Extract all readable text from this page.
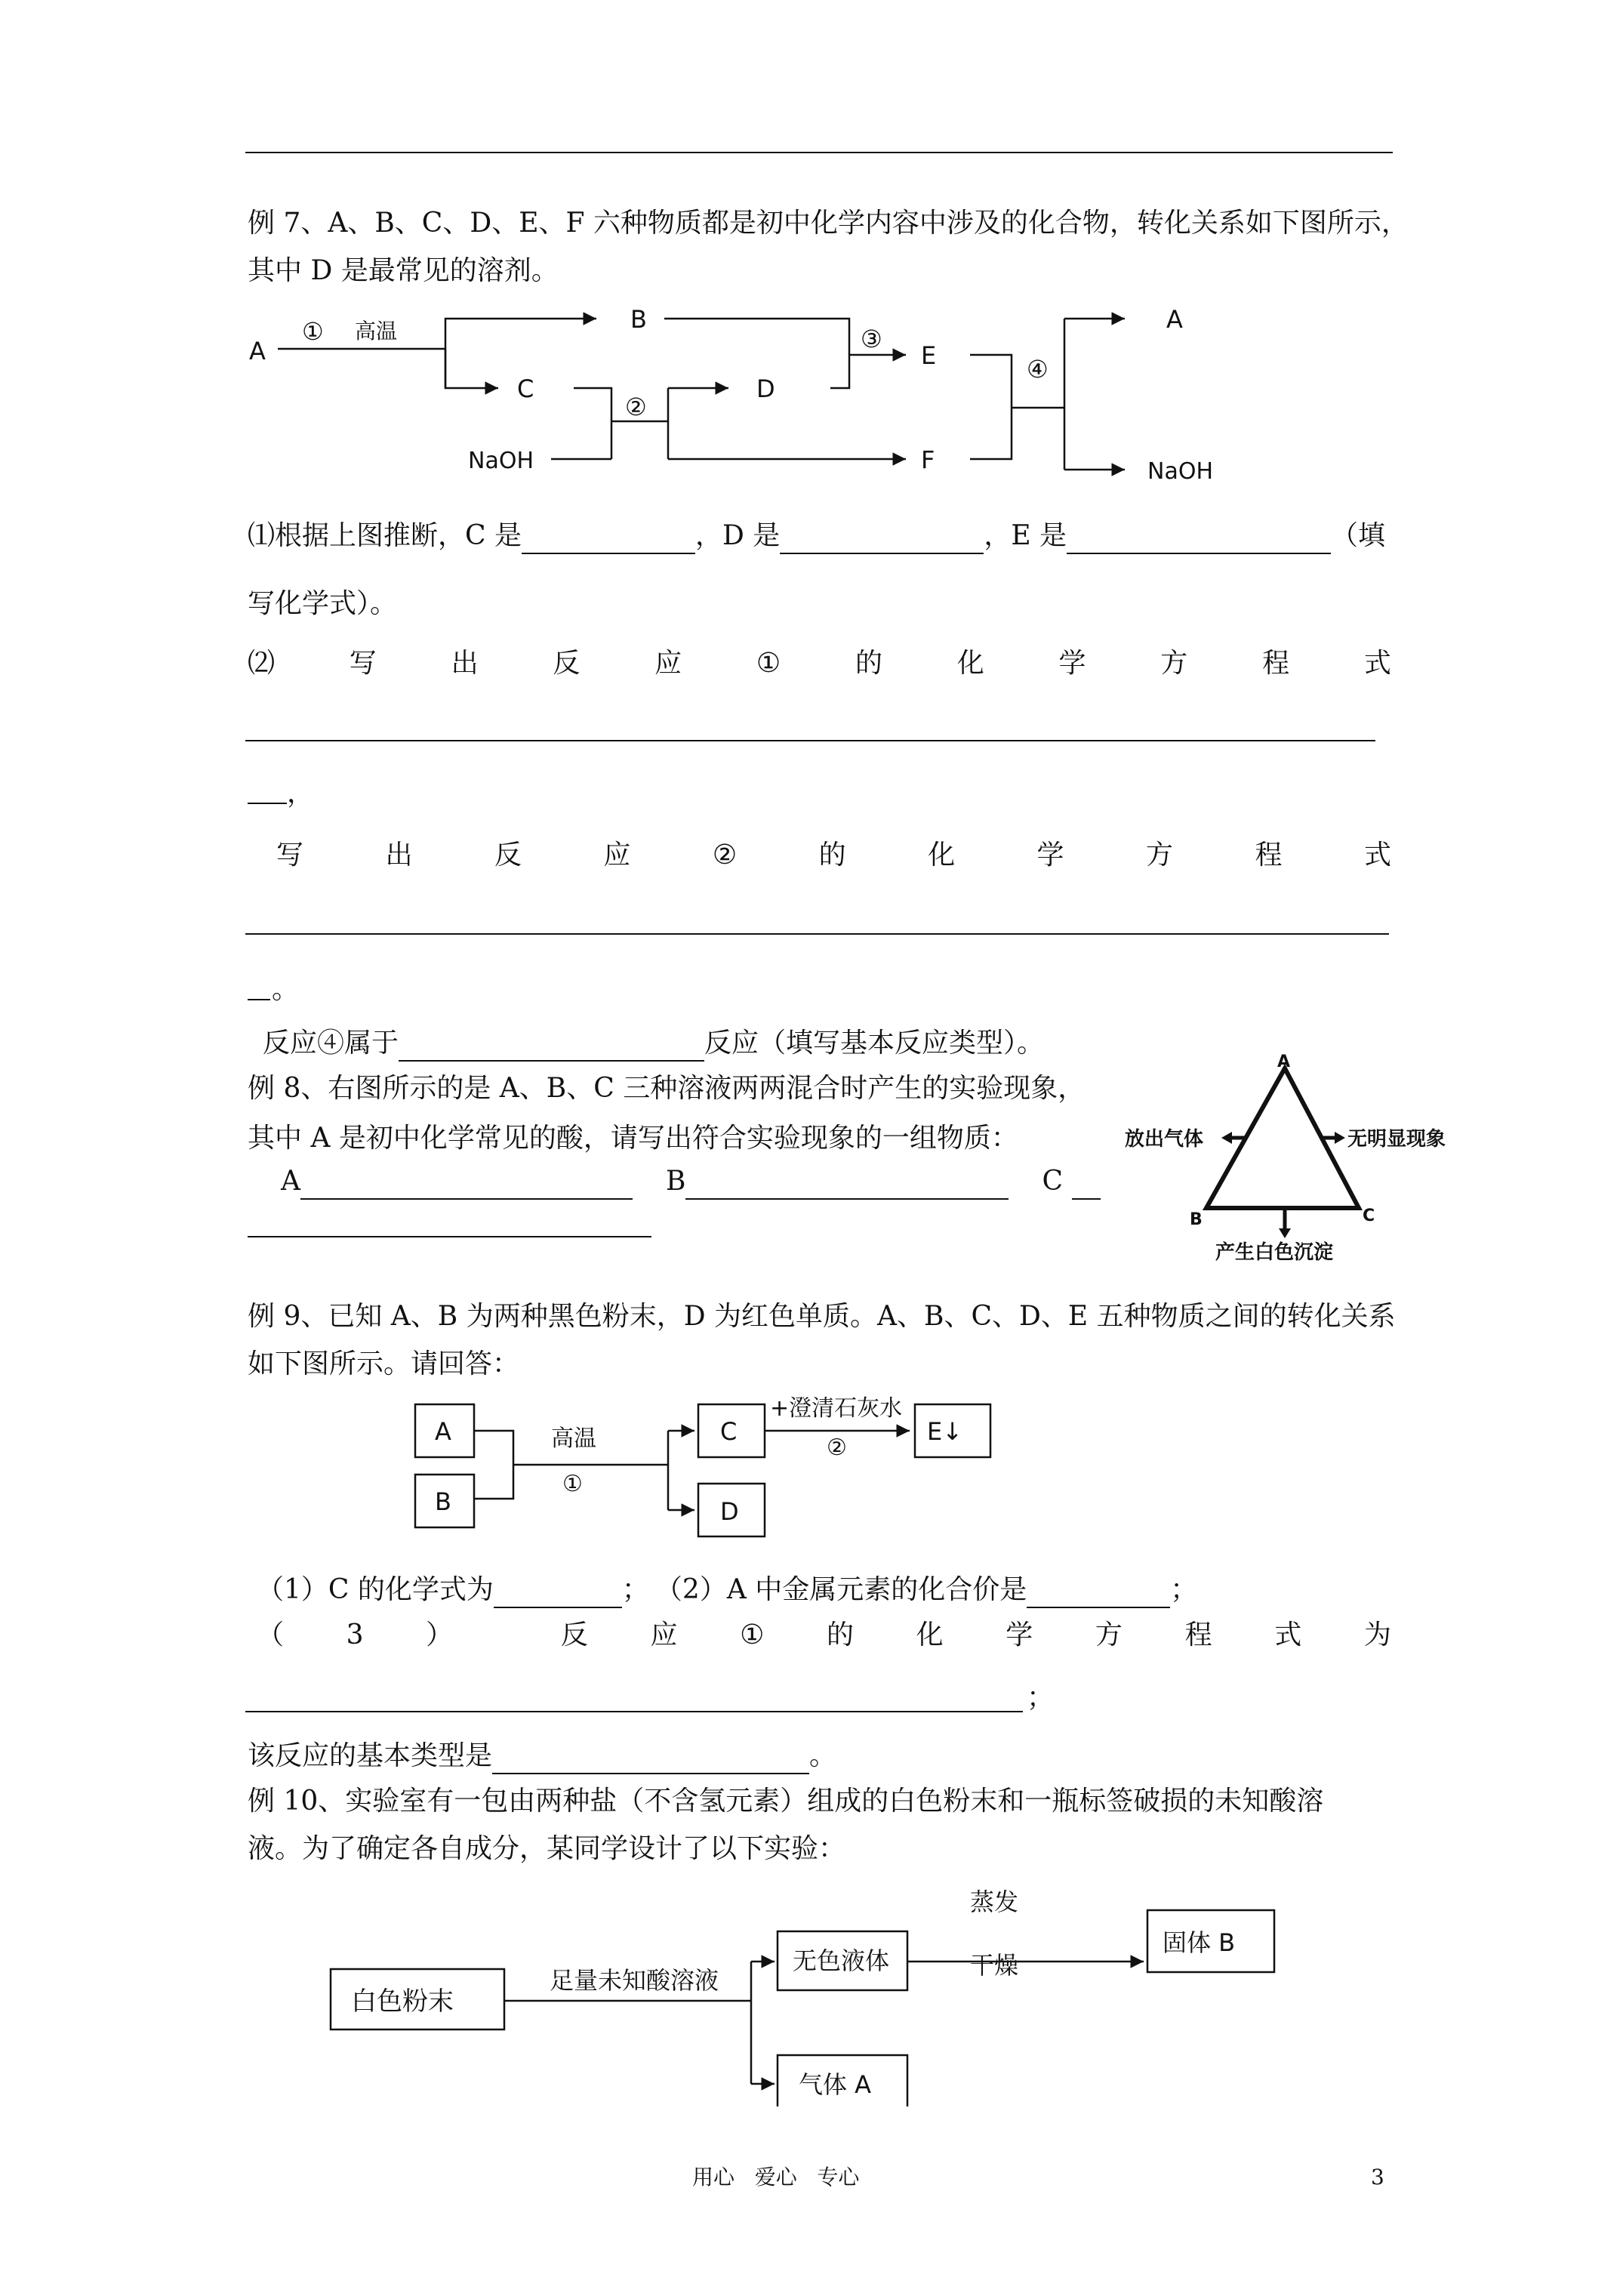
例 7、A、B、C、D、E、F 六种物质都是初中化学内容中涉及的化合物，转化关系如下图所示，
其中 D 是最常见的溶剂。
A
① 高温	B
C
NaOH
②
D
③
E
F
④
A
NaOH
⑴根据上图推断，C 是	，D 是	，E 是	（填
写化学式）。
⑵	写	出	反	应	①	的	化	学	方	程	式
，
写	出	反	应	②	的	化	学	方	程	式
。
反应④属于	反应（填写基本反应类型）。
例 8、右图所示的是 A、B、C 三种溶液两两混合时产生的实验现象，
其中 A 是初中化学常见的酸，请写出符合实验现象的一组物质：
A	B	C
A
B	C
放出气体	无明显现象
产生白色沉淀
例 9、已知 A、B 为两种黑色粉末，D 为红色单质。A、B、C、D、E 五种物质之间的转化关系
如下图所示。请回答：
A
B
高温
①
C
D
+澄清石灰水
②
E↓
（1）C 的化学式为	； （2）A 中金属元素的化合价是	；
（ 3 ）	反 应 ① 的 化 学 方 程 式 为
；
该反应的基本类型是	。
例 10、实验室有一包由两种盐（不含氢元素）组成的白色粉末和一瓶标签破损的未知酸溶
液。为了确定各自成分，某同学设计了以下实验：
白色粉末
足量未知酸溶液
无色液体
气体 A
蒸发
干燥
固体 B
用心   爱心   专心	3
